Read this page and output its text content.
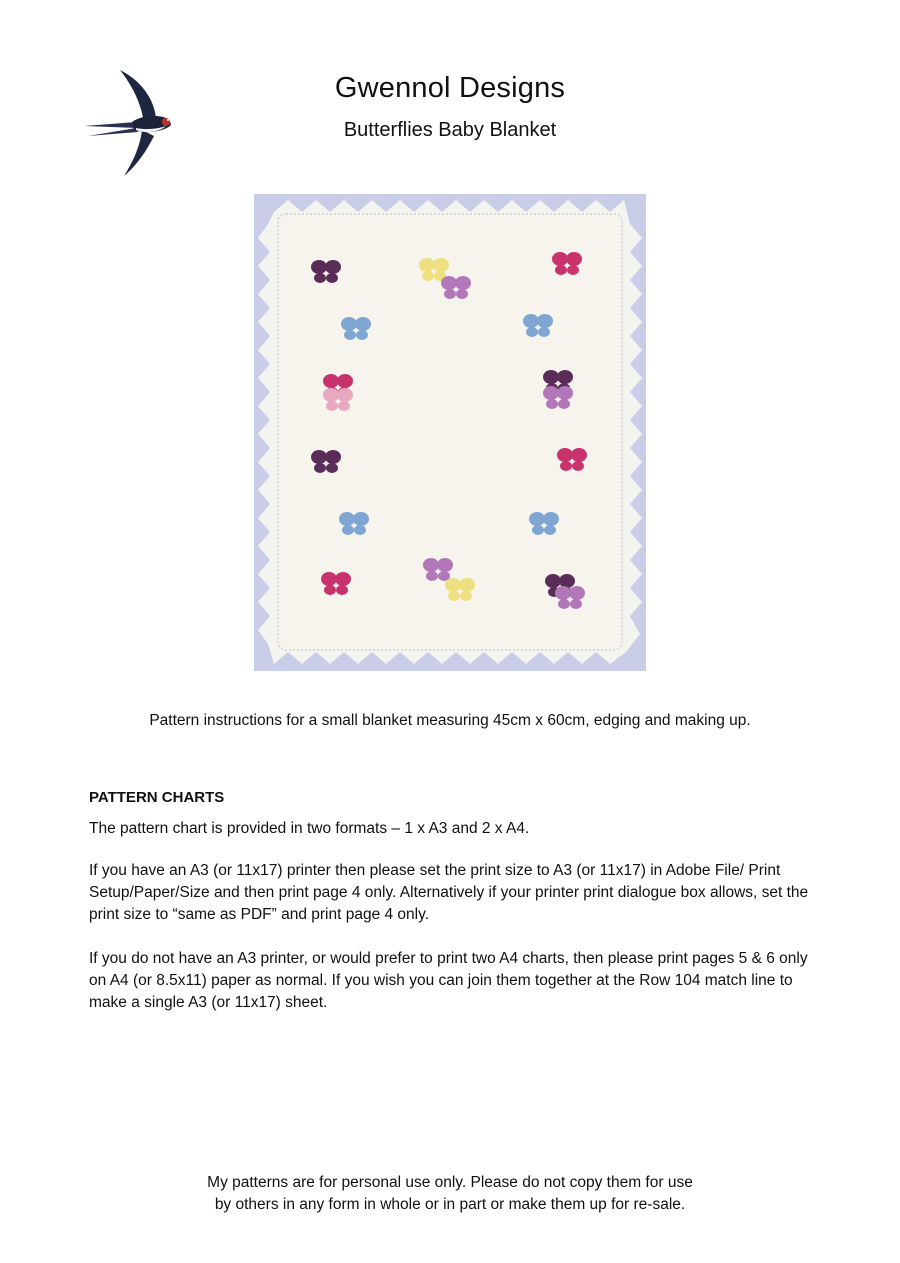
Gwennol Designs
Butterflies Baby Blanket
Pattern instructions for a small blanket measuring 45cm x 60cm, edging and making up.
PATTERN CHARTS

The pattern chart is provided in two formats – 1 x A3 and 2 x A4.

If you have an A3 (or 11x17) printer then please set the print size to A3 (or 11x17) in Adobe File/ Print Setup/Paper/Size and then print page 4 only. Alternatively if your printer print dialogue box allows, set the print size to “same as PDF” and print page 4 only.

If you do not have an A3 printer, or would prefer to print two A4 charts, then please print pages 5 & 6 only on A4 (or 8.5x11) paper as normal. If you wish you can join them together at the Row 104 match line to make a single A3 (or 11x17) sheet.

My patterns are for personal use only. Please do not copy them for use
by others in any form in whole or in part or make them up for re-sale.
